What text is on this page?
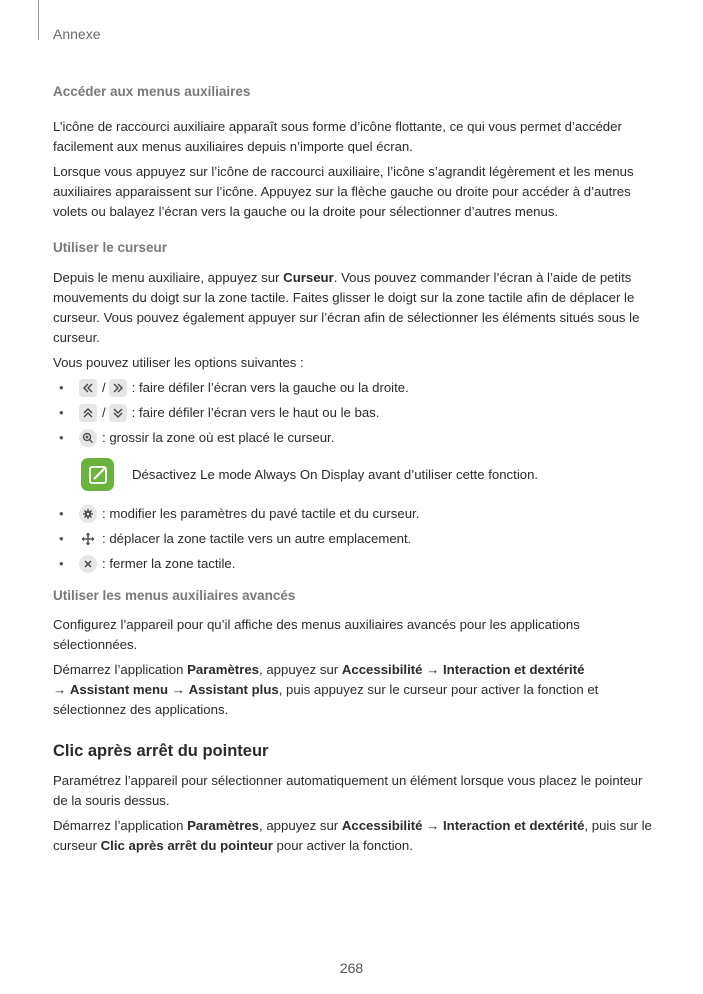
Annexe

Accéder aux menus auxiliaires

L’icône de raccourci auxiliaire apparaît sous forme d’icône flottante, ce qui vous permet d’accéder facilement aux menus auxiliaires depuis n’importe quel écran.

Lorsque vous appuyez sur l’icône de raccourci auxiliaire, l’icône s’agrandit légèrement et les menus auxiliaires apparaissent sur l’icône. Appuyez sur la flèche gauche ou droite pour accéder à d’autres volets ou balayez l’écran vers la gauche ou la droite pour sélectionner d’autres menus.

Utiliser le curseur

Depuis le menu auxiliaire, appuyez sur Curseur. Vous pouvez commander l’écran à l’aide de petits mouvements du doigt sur la zone tactile. Faites glisser le doigt sur la zone tactile afin de déplacer le curseur. Vous pouvez également appuyer sur l’écran afin de sélectionner les éléments situés sous le curseur.

Vous pouvez utiliser les options suivantes :

•	/ : faire défiler l’écran vers la gauche ou la droite.
•	/ : faire défiler l’écran vers le haut ou le bas.
•	: grossir la zone où est placé le curseur.
Désactivez Le mode Always On Display avant d’utiliser cette fonction.
•	: modifier les paramètres du pavé tactile et du curseur.
•	: déplacer la zone tactile vers un autre emplacement.
•	: fermer la zone tactile.

Utiliser les menus auxiliaires avancés

Configurez l’appareil pour qu’il affiche des menus auxiliaires avancés pour les applications sélectionnées.

Démarrez l’application Paramètres, appuyez sur Accessibilité → Interaction et dextérité
→ Assistant menu → Assistant plus, puis appuyez sur le curseur pour activer la fonction et sélectionnez des applications.

Clic après arrêt du pointeur

Paramétrez l’appareil pour sélectionner automatiquement un élément lorsque vous placez le pointeur de la souris dessus.

Démarrez l’application Paramètres, appuyez sur Accessibilité → Interaction et dextérité, puis sur le curseur Clic après arrêt du pointeur pour activer la fonction.

268
